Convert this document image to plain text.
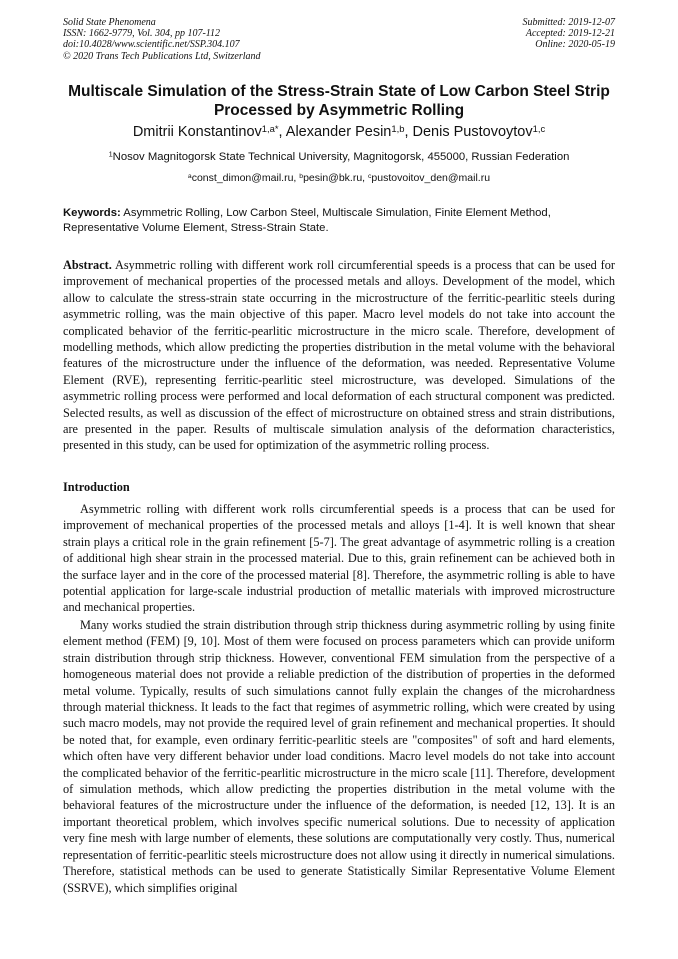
Solid State Phenomena
ISSN: 1662-9779, Vol. 304, pp 107-112
doi:10.4028/www.scientific.net/SSP.304.107
© 2020 Trans Tech Publications Ltd, Switzerland
Submitted: 2019-12-07
Accepted: 2019-12-21
Online: 2020-05-19
Multiscale Simulation of the Stress-Strain State of Low Carbon Steel Strip Processed by Asymmetric Rolling
Dmitrii Konstantinov$^{1,a*}$, Alexander Pesin$^{1,b}$, Denis Pustovoytov$^{1,c}$
$^1$Nosov Magnitogorsk State Technical University, Magnitogorsk, 455000, Russian Federation
$^a$const_dimon@mail.ru, $^b$pesin@bk.ru, $^c$pustovoitov_den@mail.ru
Keywords: Asymmetric Rolling, Low Carbon Steel, Multiscale Simulation, Finite Element Method, Representative Volume Element, Stress-Strain State.

Abstract. Asymmetric rolling with different work roll circumferential speeds is a process that can be used for improvement of mechanical properties of the processed metals and alloys. Development of the model, which allow to calculate the stress-strain state occurring in the microstructure of the ferritic-pearlitic steels during asymmetric rolling, was the main objective of this paper. Macro level models do not take into account the complicated behavior of the ferritic-pearlitic microstructure in the micro scale. Therefore, development of modelling methods, which allow predicting the properties distribution in the metal volume with the behavioral features of the microstructure under the influence of the deformation, was needed. Representative Volume Element (RVE), representing ferritic-pearlitic steel microstructure, was developed. Simulations of the asymmetric rolling process were performed and local deformation of each structural component was predicted. Selected results, as well as discussion of the effect of microstructure on obtained stress and strain distributions, are presented in the paper. Results of multiscale simulation analysis of the deformation characteristics, presented in this study, can be used for optimization of the asymmetric rolling process.

Introduction

Asymmetric rolling with different work rolls circumferential speeds is a process that can be used for improvement of mechanical properties of the processed metals and alloys [1-4]. It is well known that shear strain plays a critical role in the grain refinement [5-7]. The great advantage of asymmetric rolling is a creation of additional high shear strain in the processed material. Due to this, grain refinement can be achieved both in the surface layer and in the core of the processed material [8]. Therefore, the asymmetric rolling is able to have potential application for large-scale industrial production of metallic materials with improved microstructure and mechanical properties.

Many works studied the strain distribution through strip thickness during asymmetric rolling by using finite element method (FEM) [9, 10]. Most of them were focused on process parameters which can provide uniform strain distribution through strip thickness. However, conventional FEM simulation from the perspective of a homogeneous material does not provide a reliable prediction of the distribution of properties in the deformed metal volume. Typically, results of such simulations cannot fully explain the changes of the microhardness through material thickness. It leads to the fact that regimes of asymmetric rolling, which were created by using such macro models, may not provide the required level of grain refinement and mechanical properties. It should be noted that, for example, even ordinary ferritic-pearlitic steels are "composites" of soft and hard elements, which often have very different behavior under load conditions. Macro level models do not take into account the complicated behavior of the ferritic-pearlitic microstructure in the micro scale [11]. Therefore, development of simulation methods, which allow predicting the properties distribution in the metal volume with the behavioral features of the microstructure under the influence of the deformation, is needed [12, 13]. It is an important theoretical problem, which involves specific numerical solutions. Due to necessity of application very fine mesh with large number of elements, these solutions are computationally very costly. Thus, numerical representation of ferritic-pearlitic steels microstructure does not allow using it directly in numerical simulations. Therefore, statistical methods can be used to generate Statistically Similar Representative Volume Element (SSRVE), which simplifies original
